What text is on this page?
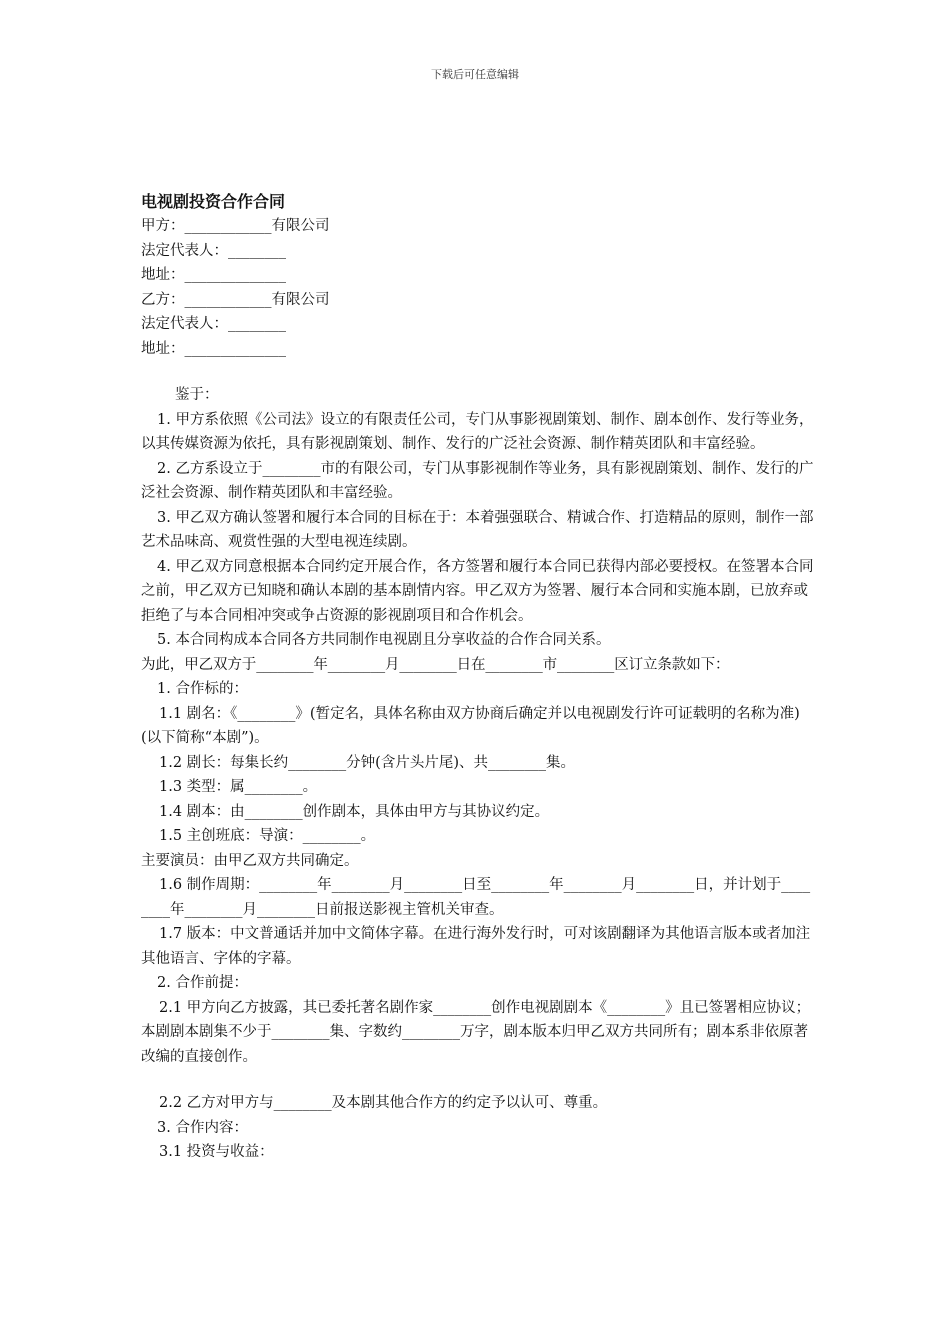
下载后可任意编辑
电视剧投资合作合同
甲方：____________有限公司
法定代表人：________
地址：______________
乙方：____________有限公司
法定代表人：________
地址：______________
鉴于：
1. 甲方系依照《公司法》设立的有限责任公司，专门从事影视剧策划、制作、剧本创作、发行等业务，以其传媒资源为依托，具有影视剧策划、制作、发行的广泛社会资源、制作精英团队和丰富经验。
2. 乙方系设立于________市的有限公司，专门从事影视制作等业务，具有影视剧策划、制作、发行的广泛社会资源、制作精英团队和丰富经验。
3. 甲乙双方确认签署和履行本合同的目标在于：本着强强联合、精诚合作、打造精品的原则，制作一部艺术品味高、观赏性强的大型电视连续剧。
4. 甲乙双方同意根据本合同约定开展合作，各方签署和履行本合同已获得内部必要授权。在签署本合同之前，甲乙双方已知晓和确认本剧的基本剧情内容。甲乙双方为签署、履行本合同和实施本剧，已放弃或拒绝了与本合同相冲突或争占资源的影视剧项目和合作机会。
5. 本合同构成本合同各方共同制作电视剧且分享收益的合作合同关系。
为此，甲乙双方于________年________月________日在________市________区订立条款如下：
1. 合作标的：
1.1 剧名：《________》(暂定名，具体名称由双方协商后确定并以电视剧发行许可证载明的名称为准)(以下简称“本剧”)。
1.2 剧长：每集长约________分钟(含片头片尾)、共________集。
1.3 类型：属________。
1.4 剧本：由________创作剧本，具体由甲方与其协议约定。
1.5 主创班底：导演：________。
主要演员：由甲乙双方共同确定。
1.6 制作周期：________年________月________日至________年________月________日，并计划于________年________月________日前报送影视主管机关审查。
1.7 版本：中文普通话并加中文简体字幕。在进行海外发行时，可对该剧翻译为其他语言版本或者加注其他语言、字体的字幕。
2. 合作前提：
2.1 甲方向乙方披露，其已委托著名剧作家________创作电视剧剧本《________》且已签署相应协议；本剧剧本剧集不少于________集、字数约________万字，剧本版本归甲乙双方共同所有；剧本系非依原著改编的直接创作。
2.2 乙方对甲方与________及本剧其他合作方的约定予以认可、尊重。
3. 合作内容：
3.1 投资与收益：
